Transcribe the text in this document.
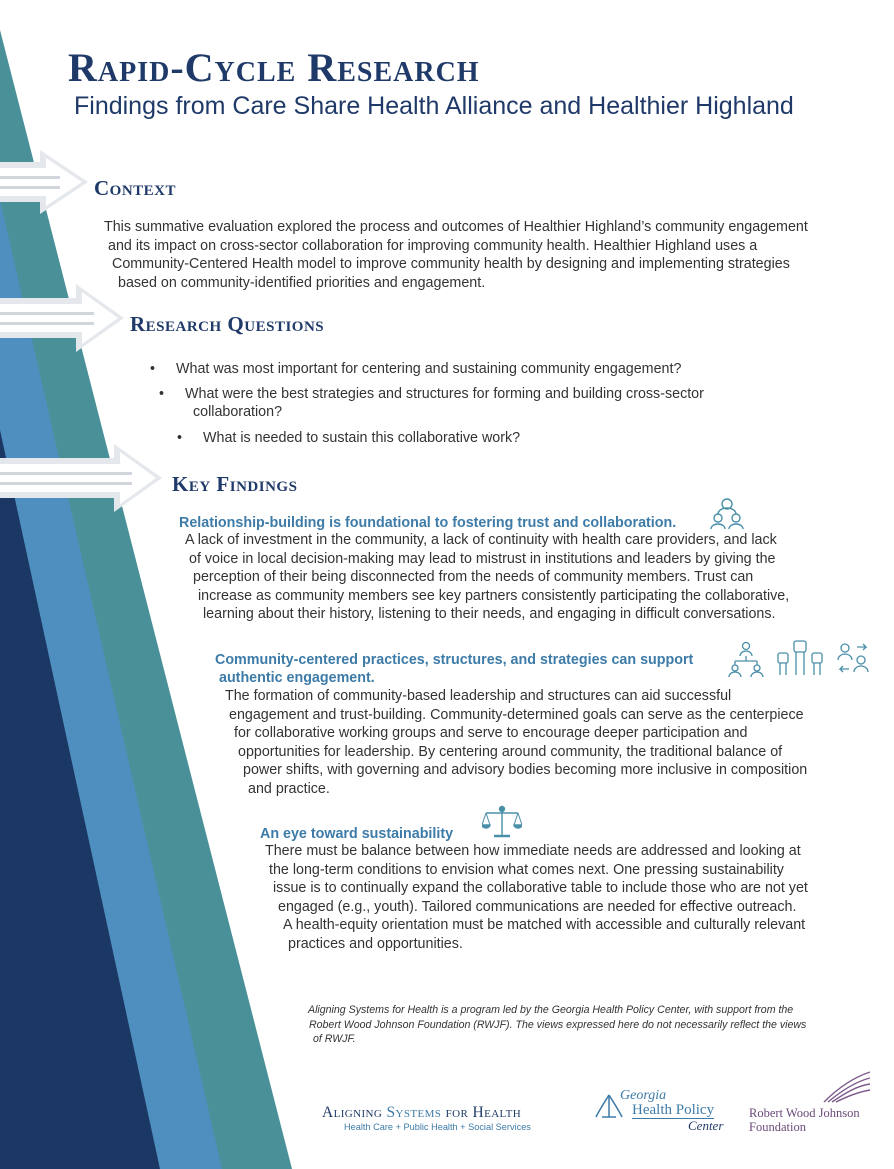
Rapid-Cycle Research
Findings from Care Share Health Alliance and Healthier Highland
Context
This summative evaluation explored the process and outcomes of Healthier Highland’s community engagement
and its impact on cross-sector collaboration for improving community health. Healthier Highland uses a
Community-Centered Health model to improve community health by designing and implementing strategies
based on community-identified priorities and engagement.
Research Questions
• What was most important for centering and sustaining community engagement?
• What were the best strategies and structures for forming and building cross-sector
collaboration?
• What is needed to sustain this collaborative work?
Key Findings
Relationship-building is foundational to fostering trust and collaboration.
A lack of investment in the community, a lack of continuity with health care providers, and lack
of voice in local decision-making may lead to mistrust in institutions and leaders by giving the
perception of their being disconnected from the needs of community members. Trust can
increase as community members see key partners consistently participating the collaborative,
learning about their history, listening to their needs, and engaging in difficult conversations.
Community-centered practices, structures, and strategies can support
authentic engagement.
The formation of community-based leadership and structures can aid successful
engagement and trust-building. Community-determined goals can serve as the centerpiece
for collaborative working groups and serve to encourage deeper participation and
opportunities for leadership. By centering around community, the traditional balance of
power shifts, with governing and advisory bodies becoming more inclusive in composition
and practice.
An eye toward sustainability
There must be balance between how immediate needs are addressed and looking at
the long-term conditions to envision what comes next. One pressing sustainability
issue is to continually expand the collaborative table to include those who are not yet
engaged (e.g., youth). Tailored communications are needed for effective outreach.
A health-equity orientation must be matched with accessible and culturally relevant
practices and opportunities.
Aligning Systems for Health is a program led by the Georgia Health Policy Center, with support from the
Robert Wood Johnson Foundation (RWJF). The views expressed here do not necessarily reflect the views
of RWJF.
Aligning Systems for Health
Health Care + Public Health + Social Services
Georgia
Health Policy
Center
Robert Wood Johnson
Foundation
